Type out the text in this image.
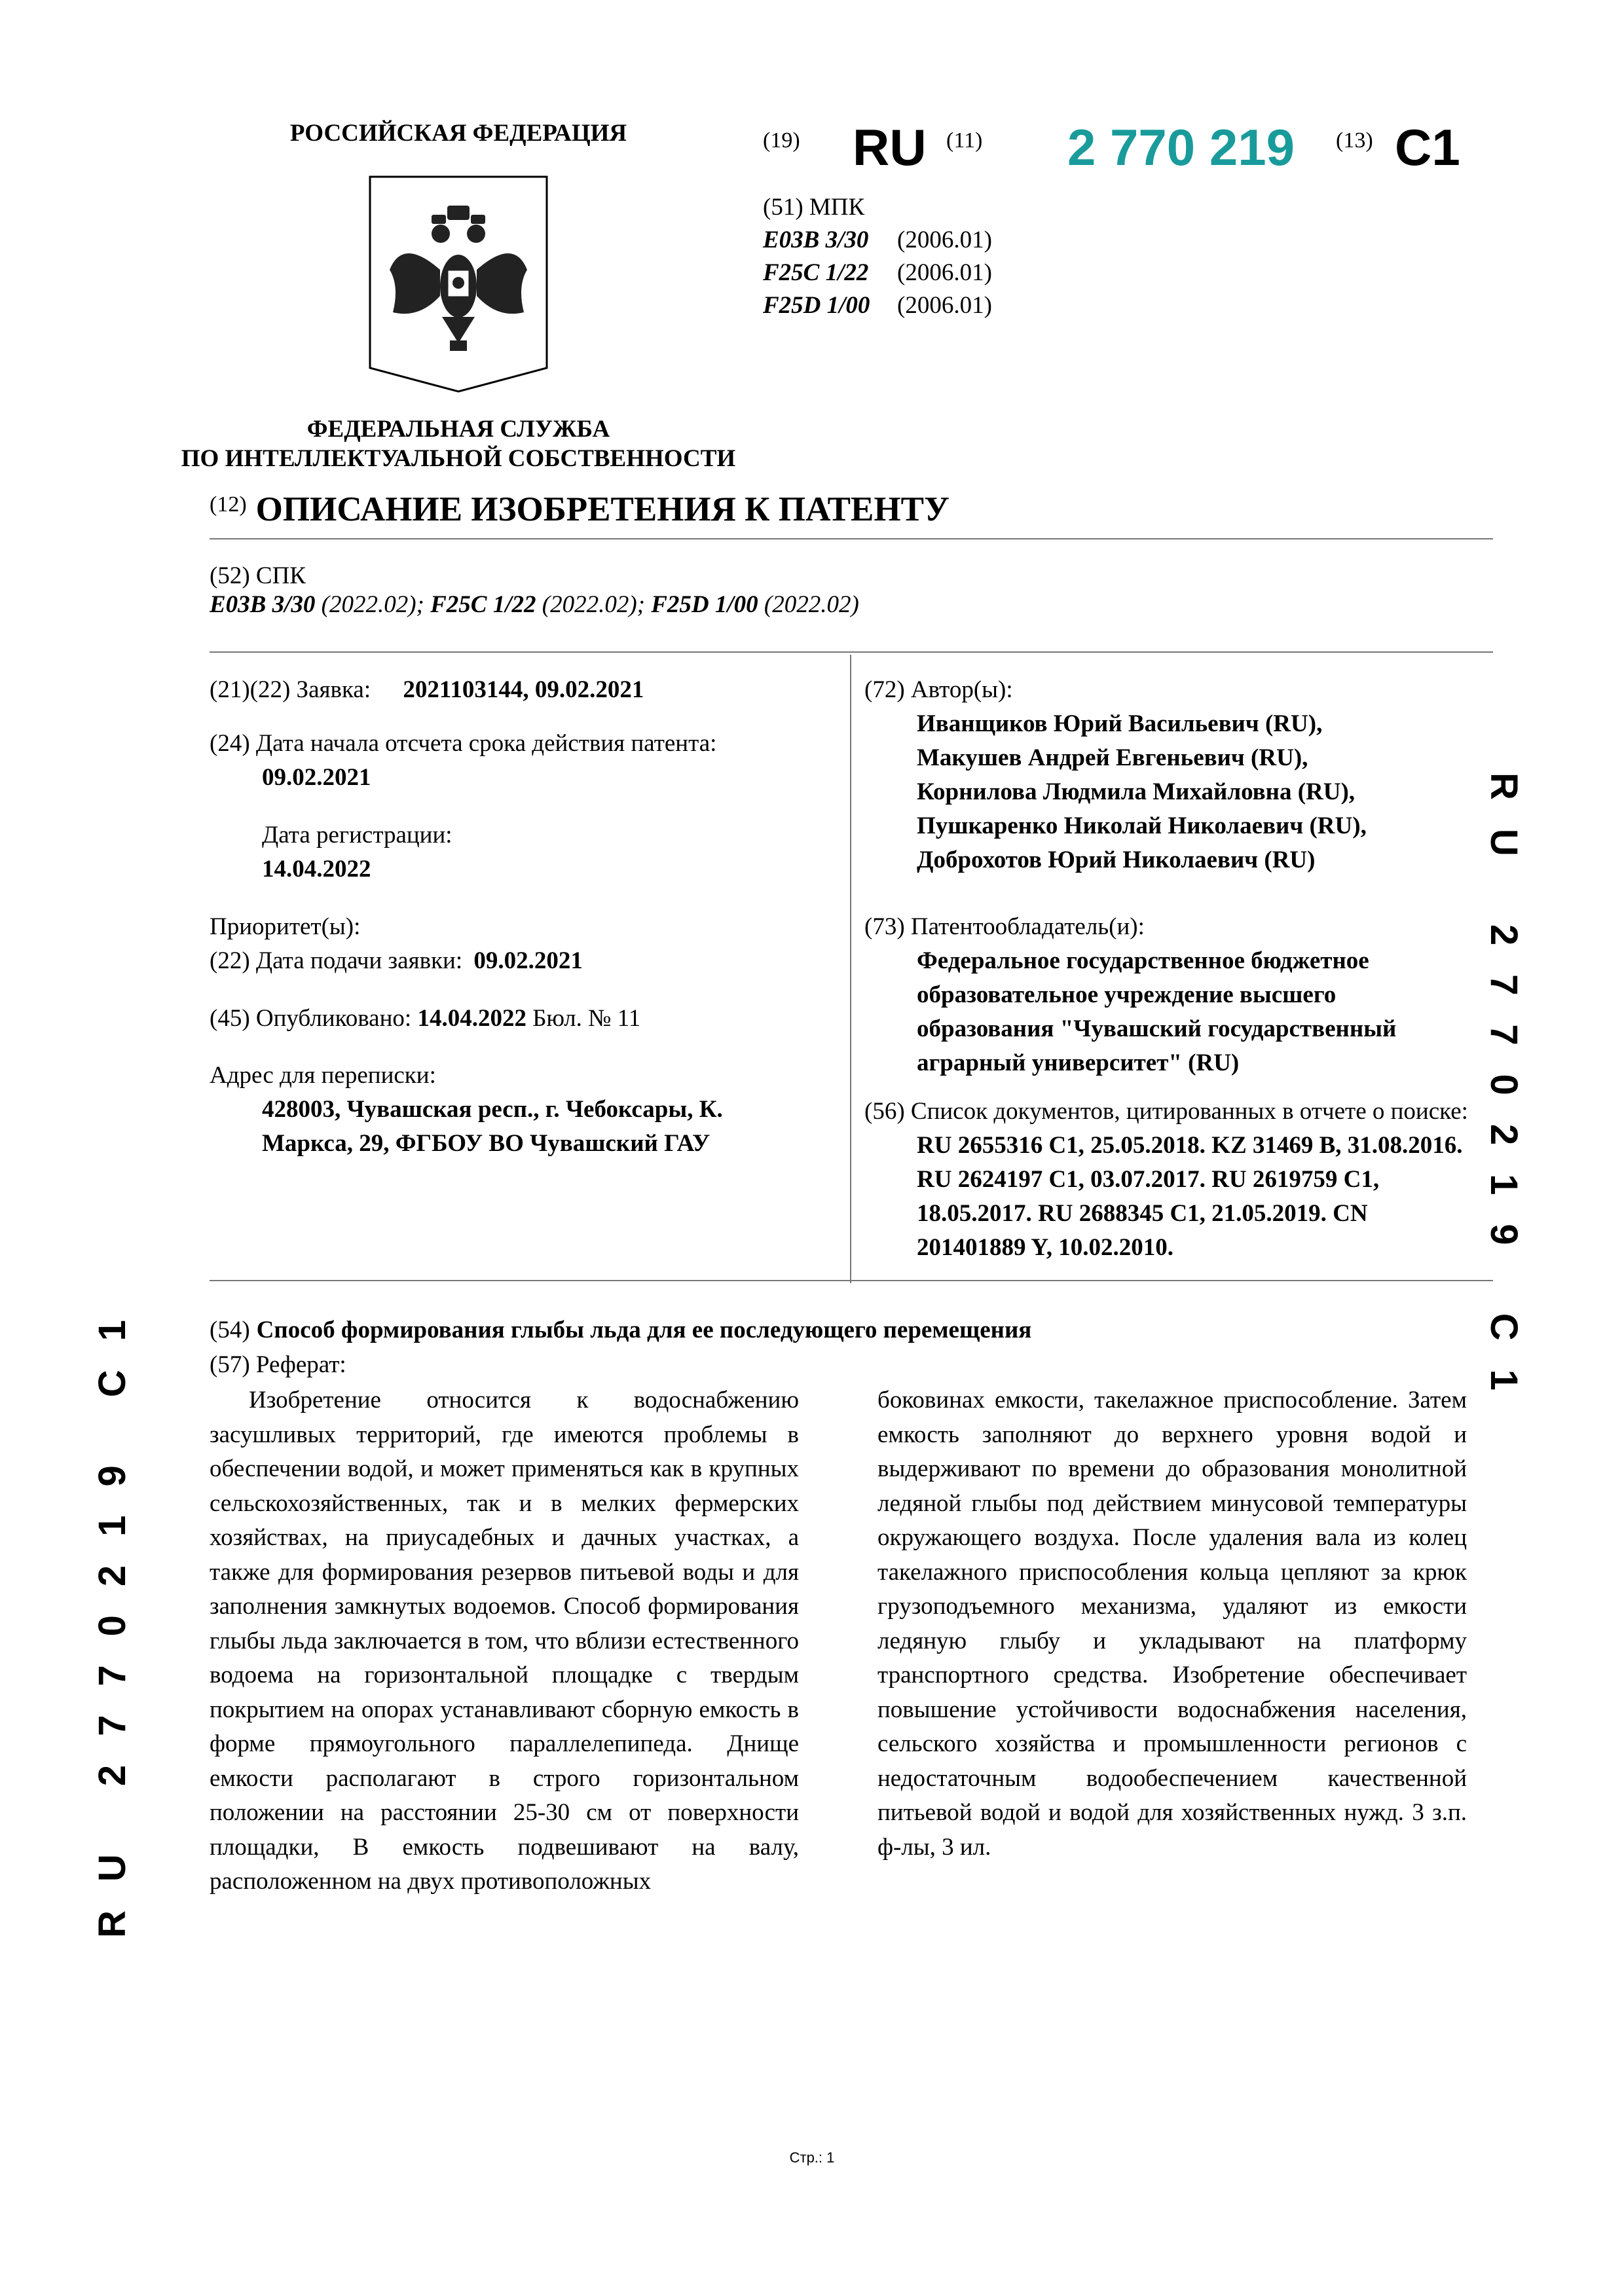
РОССИЙСКАЯ ФЕДЕРАЦИЯ
ФЕДЕРАЛЬНАЯ СЛУЖБА
ПО ИНТЕЛЛЕКТУАЛЬНОЙ СОБСТВЕННОСТИ
(19) RU (11) 2 770 219 (13) C1
(51) МПК
E03B 3/30 (2006.01)
F25C 1/22 (2006.01)
F25D 1/00 (2006.01)
(12) ОПИСАНИЕ ИЗОБРЕТЕНИЯ К ПАТЕНТУ
(52) СПК
E03B 3/30 (2022.02); F25C 1/22 (2022.02); F25D 1/00 (2022.02)
(21)(22) Заявка: 2021103144, 09.02.2021
(24) Дата начала отсчета срока действия патента:
09.02.2021
Дата регистрации:
14.04.2022
Приоритет(ы):
(22) Дата подачи заявки: 09.02.2021
(45) Опубликовано: 14.04.2022 Бюл. № 11
Адрес для переписки:
428003, Чувашская респ., г. Чебоксары, К. Маркса, 29, ФГБОУ ВО Чувашский ГАУ
(72) Автор(ы):
Иванщиков Юрий Васильевич (RU),
Макушев Андрей Евгеньевич (RU),
Корнилова Людмила Михайловна (RU),
Пушкаренко Николай Николаевич (RU),
Доброхотов Юрий Николаевич (RU)
(73) Патентообладатель(и):
Федеральное государственное бюджетное образовательное учреждение высшего образования "Чувашский государственный аграрный университет" (RU)
(56) Список документов, цитированных в отчете о поиске: RU 2655316 C1, 25.05.2018. KZ 31469 B, 31.08.2016. RU 2624197 C1, 03.07.2017. RU 2619759 C1, 18.05.2017. RU 2688345 C1, 21.05.2019. CN 201401889 Y, 10.02.2010.	RU 2770219 C1
RU 2770219 C1	(54) Способ формирования глыбы льда для ее последующего перемещения
(57) Реферат:

Изобретение относится к водоснабжению засушливых территорий, где имеются проблемы в обеспечении водой, и может применяться как в крупных сельскохозяйственных, так и в мелких фермерских хозяйствах, на приусадебных и дачных участках, а также для формирования резервов питьевой воды и для заполнения замкнутых водоемов. Способ формирования глыбы льда заключается в том, что вблизи естественного водоема на горизонтальной площадке с твердым покрытием на опорах устанавливают сборную емкость в форме прямоугольного параллелепипеда. Днище емкости располагают в строго горизонтальном положении на расстоянии 25-30 см от поверхности площадки, В емкость подвешивают на валу, расположенном на двух противоположных

боковинах емкости, такелажное приспособление. Затем емкость заполняют до верхнего уровня водой и выдерживают по времени до образования монолитной ледяной глыбы под действием минусовой температуры окружающего воздуха. После удаления вала из колец такелажного приспособления кольца цепляют за крюк грузоподъемного механизма, удаляют из емкости ледяную глыбу и укладывают на платформу транспортного средства. Изобретение обеспечивает повышение устойчивости водоснабжения населения, сельского хозяйства и промышленности регионов с недостаточным водообеспечением качественной питьевой водой и водой для хозяйственных нужд. 3 з.п. ф-лы, 3 ил.

Стр.: 1
